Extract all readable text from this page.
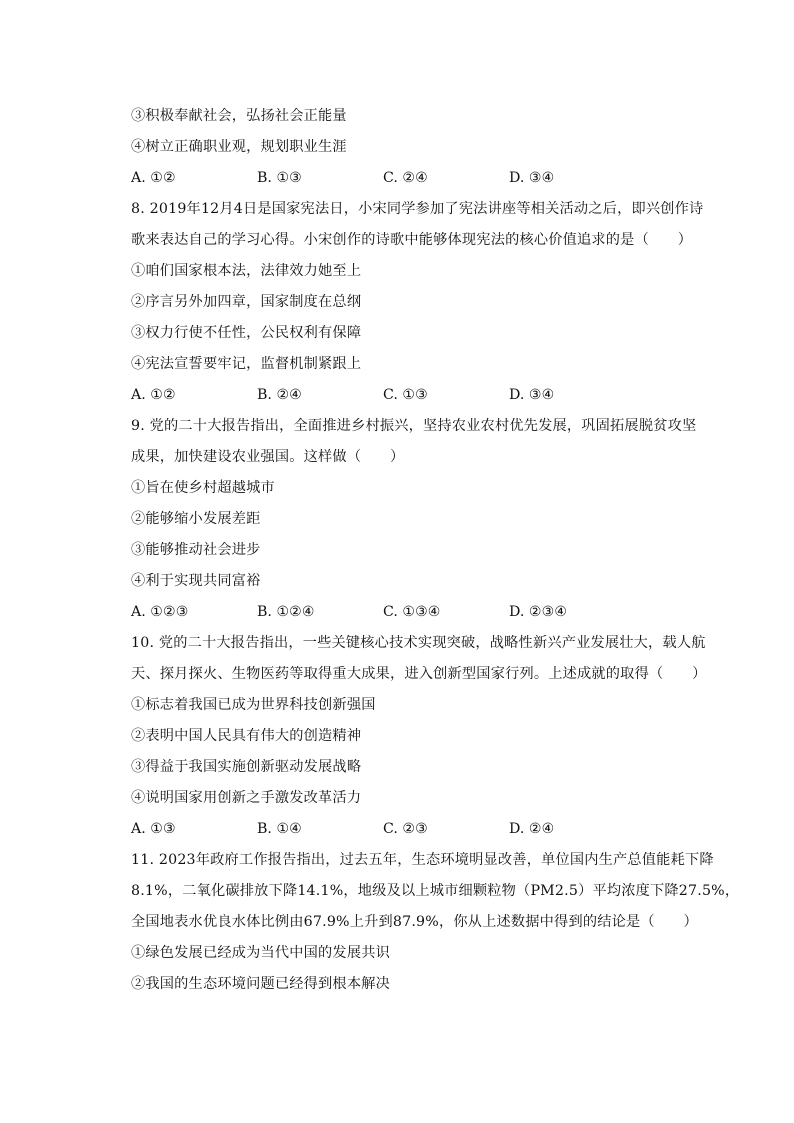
③积极奉献社会，弘扬社会正能量
④树立正确职业观，规划职业生涯
A. ①②	B. ①③	C. ②④	D. ③④
8. 2019年12月4日是国家宪法日，小宋同学参加了宪法讲座等相关活动之后，即兴创作诗
歌来表达自己的学习心得。小宋创作的诗歌中能够体现宪法的核心价值追求的是（　　）
①咱们国家根本法，法律效力她至上
②序言另外加四章，国家制度在总纲
③权力行使不任性，公民权利有保障
④宪法宣誓要牢记，监督机制紧跟上
A. ①②	B. ②④	C. ①③	D. ③④
9. 党的二十大报告指出，全面推进乡村振兴，坚持农业农村优先发展，巩固拓展脱贫攻坚
成果，加快建设农业强国。这样做（　　）
①旨在使乡村超越城市
②能够缩小发展差距
③能够推动社会进步
④利于实现共同富裕
A. ①②③	B. ①②④	C. ①③④	D. ②③④
10. 党的二十大报告指出，一些关键核心技术实现突破，战略性新兴产业发展壮大，载人航
天、探月探火、生物医药等取得重大成果，进入创新型国家行列。上述成就的取得（　　）
①标志着我国已成为世界科技创新强国
②表明中国人民具有伟大的创造精神
③得益于我国实施创新驱动发展战略
④说明国家用创新之手激发改革活力
A. ①③	B. ①④	C. ②③	D. ②④
11. 2023年政府工作报告指出，过去五年，生态环境明显改善，单位国内生产总值能耗下降
8.1%，二氧化碳排放下降14.1%，地级及以上城市细颗粒物（PM2.5）平均浓度下降27.5%，
全国地表水优良水体比例由67.9%上升到87.9%，你从上述数据中得到的结论是（　　）
①绿色发展已经成为当代中国的发展共识
②我国的生态环境问题已经得到根本解决
